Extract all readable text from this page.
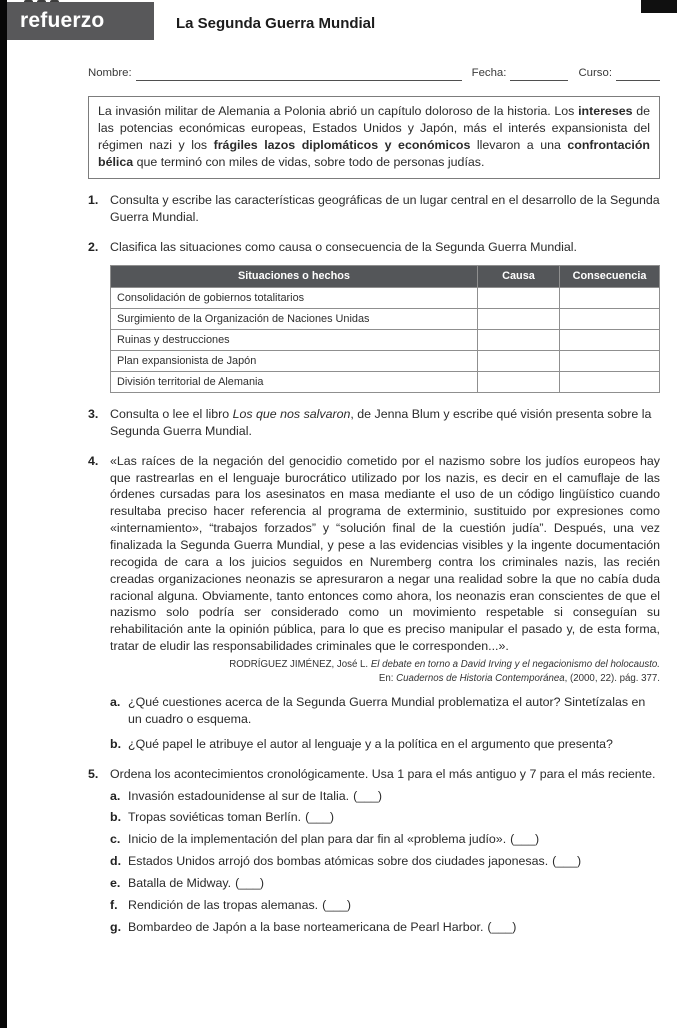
refuerzo	La Segunda Guerra Mundial
Nombre:	Fecha:	Curso:

La invasión militar de Alemania a Polonia abrió un capítulo doloroso de la historia. Los intereses de las potencias económicas europeas, Estados Unidos y Japón, más el interés expansionista del régimen nazi y los frágiles lazos diplomáticos y económicos llevaron a una confrontación bélica que terminó con miles de vidas, sobre todo de personas judías.

1. Consulta y escribe las características geográficas de un lugar central en el desarrollo de la Segunda Guerra Mundial.
2. Clasifica las situaciones como causa o consecuencia de la Segunda Guerra Mundial.
Situaciones o hechos	Causa	Consecuencia
Consolidación de gobiernos totalitarios		
Surgimiento de la Organización de Naciones Unidas		
Ruinas y destrucciones		
Plan expansionista de Japón		
División territorial de Alemania		
3. Consulta o lee el libro Los que nos salvaron, de Jenna Blum y escribe qué visión presenta sobre la Segunda Guerra Mundial.
4. «Las raíces de la negación del genocidio cometido por el nazismo sobre los judíos europeos hay que rastrearlas en el lenguaje burocrático utilizado por los nazis, es decir en el camuflaje de las órdenes cursadas para los asesinatos en masa mediante el uso de un código lingüístico cuando resultaba preciso hacer referencia al programa de exterminio, sustituido por expresiones como «internamiento», “trabajos forzados” y “solución final de la cuestión judía”. Después, una vez finalizada la Segunda Guerra Mundial, y pese a las evidencias visibles y la ingente documentación recogida de cara a los juicios seguidos en Nuremberg contra los criminales nazis, las recién creadas organizaciones neonazis se apresuraron a negar una realidad sobre la que no cabía duda racional alguna. Obviamente, tanto entonces como ahora, los neonazis eran conscientes de que el nazismo solo podría ser considerado como un movimiento respetable si conseguían su rehabilitación ante la opinión pública, para lo que es preciso manipular el pasado y, de esta forma, tratar de eludir las responsabilidades criminales que le corresponden...».

RODRÍGUEZ JIMÉNEZ, José L. El debate en torno a David Irving y el negacionismo del holocausto.
En: Cuadernos de Historia Contemporánea, (2000, 22). pág. 377.
a. ¿Qué cuestiones acerca de la Segunda Guerra Mundial problematiza el autor? Sintetízalas en un cuadro o esquema.
b. ¿Qué papel le atribuye el autor al lenguaje y a la política en el argumento que presenta?
5. Ordena los acontecimientos cronológicamente. Usa 1 para el más antiguo y 7 para el más reciente.
a. Invasión estadounidense al sur de Italia. (___)
b. Tropas soviéticas toman Berlín. (___)
c. Inicio de la implementación del plan para dar fin al «problema judío». (___)
d. Estados Unidos arrojó dos bombas atómicas sobre dos ciudades japonesas. (___)
e. Batalla de Midway. (___)
f. Rendición de las tropas alemanas. (___)
g. Bombardeo de Japón a la base norteamericana de Pearl Harbor. (___)
